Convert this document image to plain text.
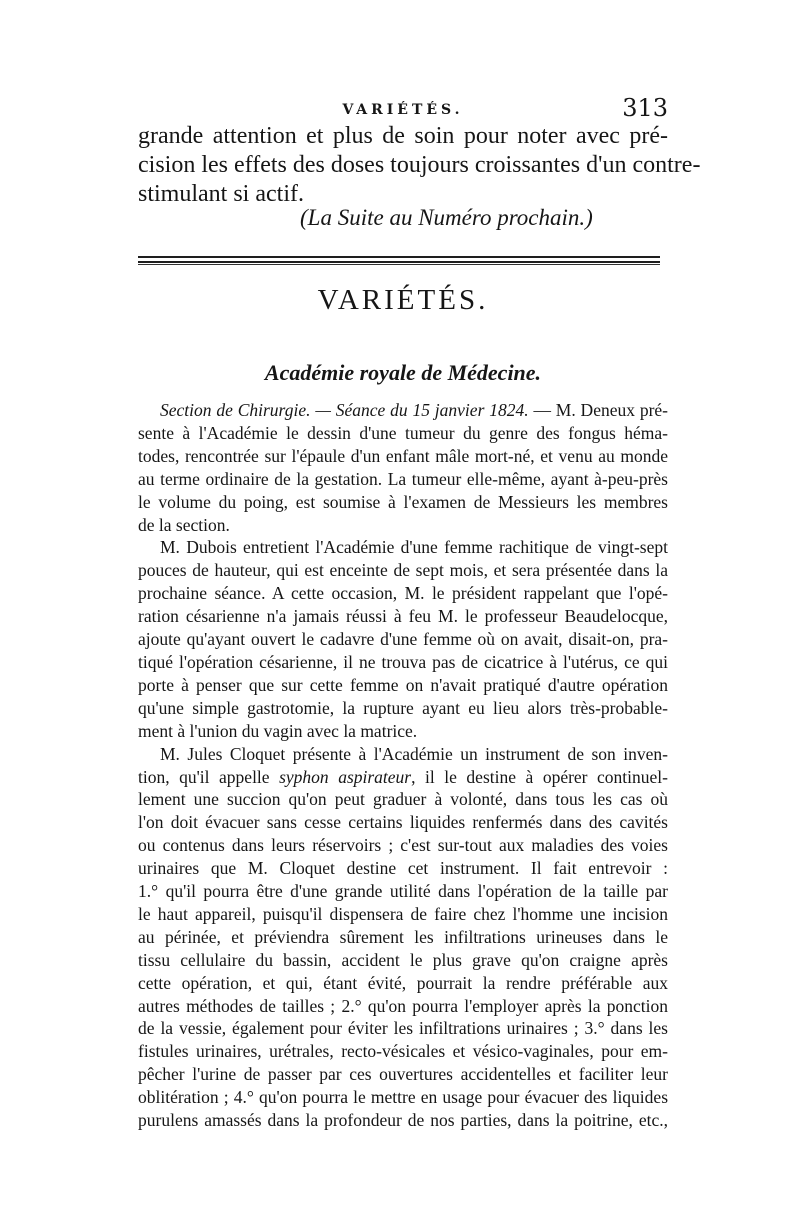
VARIÉTÉS.	313
grande attention et plus de soin pour noter avec pré-
cision les effets des doses toujours croissantes d'un contre-
stimulant si actif.
(La Suite au Numéro prochain.)
VARIÉTÉS.
Académie royale de Médecine.
Section de Chirurgie. — Séance du 15 janvier 1824. — M. Deneux pré-
sente à l'Académie le dessin d'une tumeur du genre des fongus héma-
todes, rencontrée sur l'épaule d'un enfant mâle mort-né, et venu au monde
au terme ordinaire de la gestation. La tumeur elle-même, ayant à-peu-près
le volume du poing, est soumise à l'examen de Messieurs les membres
de la section.
M. Dubois entretient l'Académie d'une femme rachitique de vingt-sept
pouces de hauteur, qui est enceinte de sept mois, et sera présentée dans la
prochaine séance. A cette occasion, M. le président rappelant que l'opé-
ration césarienne n'a jamais réussi à feu M. le professeur Beaudelocque,
ajoute qu'ayant ouvert le cadavre d'une femme où on avait, disait-on, pra-
tiqué l'opération césarienne, il ne trouva pas de cicatrice à l'utérus, ce qui
porte à penser que sur cette femme on n'avait pratiqué d'autre opération
qu'une simple gastrotomie, la rupture ayant eu lieu alors très-probable-
ment à l'union du vagin avec la matrice.
M. Jules Cloquet présente à l'Académie un instrument de son inven-
tion, qu'il appelle syphon aspirateur, il le destine à opérer continuel-
lement une succion qu'on peut graduer à volonté, dans tous les cas où
l'on doit évacuer sans cesse certains liquides renfermés dans des cavités
ou contenus dans leurs réservoirs ; c'est sur-tout aux maladies des voies
urinaires que M. Cloquet destine cet instrument. Il fait entrevoir :
1.° qu'il pourra être d'une grande utilité dans l'opération de la taille par
le haut appareil, puisqu'il dispensera de faire chez l'homme une incision
au périnée, et préviendra sûrement les infiltrations urineuses dans le
tissu cellulaire du bassin, accident le plus grave qu'on craigne après
cette opération, et qui, étant évité, pourrait la rendre préférable aux
autres méthodes de tailles ; 2.° qu'on pourra l'employer après la ponction
de la vessie, également pour éviter les infiltrations urinaires ; 3.° dans les
fistules urinaires, urétrales, recto-vésicales et vésico-vaginales, pour em-
pêcher l'urine de passer par ces ouvertures accidentelles et faciliter leur
oblitération ; 4.° qu'on pourra le mettre en usage pour évacuer des liquides
purulens amassés dans la profondeur de nos parties, dans la poitrine, etc.,
